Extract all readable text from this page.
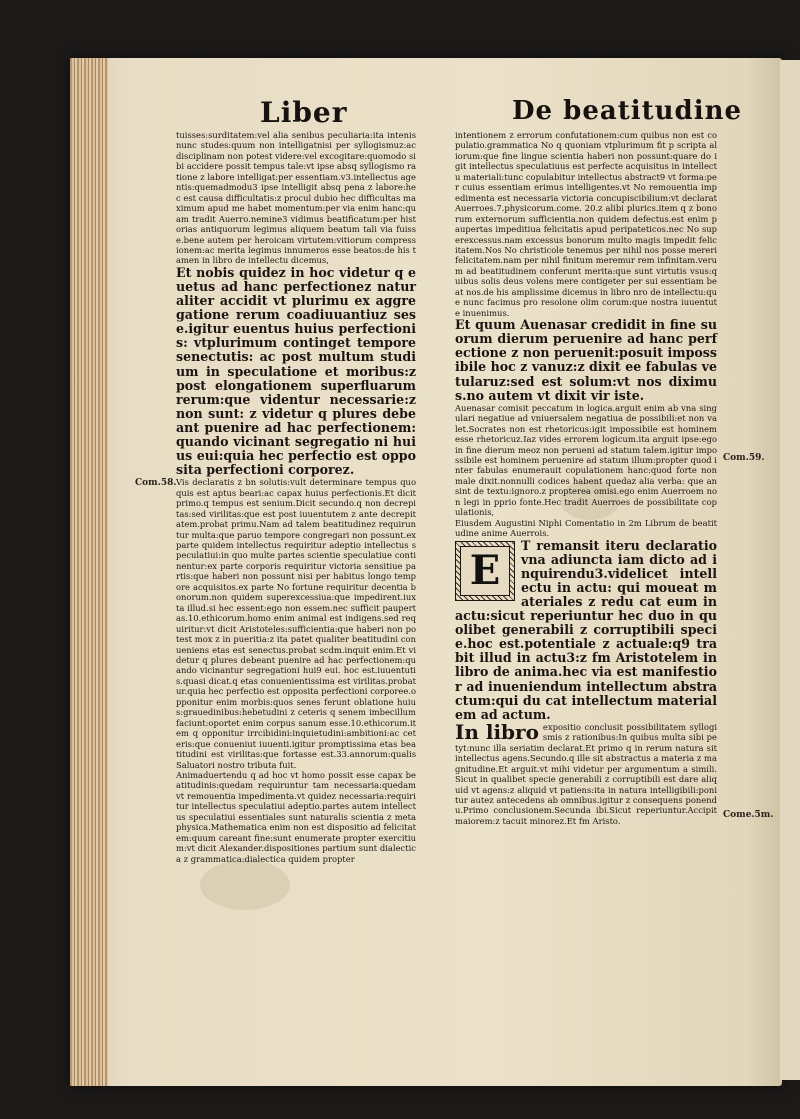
Liber	De beatitudine

tuisses:surditatem:vel alia senibus peculiaria:ita intenis nunc studes:quum non intelligatnisi per syllogismuz:ac disciplinam non potest videre:vel excogitare:quomodo sibi accidere possit tempus tale:vt ipse absq syllogismo ratione z labore intelligat:per essentiam.v3.intellectus agentis:quemadmodu3 ipse intelligit absq pena z labore:hec est causa difficultatis:z procul dubio hec difficultas maximum apud me habet momentum:per via enim hanc:quam tradit Auerro.nemine3 vidimus beatificatum:per historias antiquorum legimus aliquem beatum tali via fuisse.bene autem per heroicam virtutem:vitiorum compressionem:ac merita legimus innumeros esse beatos:de his tamen in libro de intellectu dicemus,

Et nobis quidez in hoc videtur q euetus ad hanc perfectionez naturaliter accidit vt plurimu ex aggregatione rerum coadiuuantiuz sese.igitur euentus huius perfectionis: vtplurimum continget tempore senectutis: ac post multum studium in speculatione et moribus:z post elongationem superfluarum rerum:que videntur necessarie:z non sunt: z videtur q plures debeant puenire ad hac perfectionem:quando vicinant segregatio ni huius eui:quia hec perfectio est opposita perfectioni corporez.

Vis declaratis z bn solutis:vult determinare tempus quo quis est aptus beari:ac capax huius perfectionis.Et dicit primo.q tempus est senium.Dicit secundo.q non decrepitas:sed virilitas:que est post iuuentutem z ante decrepitatem.probat primu.Nam ad talem beatitudinez requiruntur multa:que paruo tempore congregari non possunt.ex parte quidem intellectus requiritur adeptio intellectus speculatiui:in quo multe partes scientie speculatiue continentur:ex parte corporis requiritur victoria sensitiue partis:que haberi non possunt nisi per habitus longo tempore acquisitos.ex parte No fortune requiritur decentia bonorum.non quidem superexcessiua:que impedirent.iuxta illud.si hec essent:ego non essem.nec sufficit paupertas.10.ethicorum.homo enim animal est indigens.sed requiritur:vt dicit Aristoteles:sufficientia:que haberi non potest mox z in pueritia:z ita patet qualiter beatitudini conueniens etas est senectus.probat scdm.inquit enim.Et videtur q plures debeant puenire ad hac perfectionem:quando vicinantur segregationi hui9 eui. hoc est.iuuentutis.quasi dicat.q etas conuenientissima est virilitas.probatur.quia hec perfectio est opposita perfectioni corporee.opponitur enim morbis:quos senes ferunt oblatione huius:grauedinibus:hebetudini z ceteris q senem imbecillum faciunt:oportet enim corpus sanum esse.10.ethicorum.item q opponitur irrcibidini:inquietudini:ambitioni:ac ceteris:que conueniut iuuenti.igitur promptissima etas beatitudini est virilitas:que fortasse est.33.annorum:qualis Saluatori nostro tributa fuit.

Animaduertendu q ad hoc vt homo possit esse capax beatitudinis:quedam requiruntur tam necessaria:quedam vt remouentia impedimenta.vt quidez necessaria:requiritur intellectus speculatiui adeptio.partes autem intellectus speculatiui essentiales sunt naturalis scientia z metaphysica.Mathematica enim non est dispositio ad felicitatem:quum careant fine:sunt enumerate propter exercitium:vt dicit Alexander.dispositiones partium sunt dialectica z grammatica:dialectica quidem propter

Com.58.

intentionem z errorum confutationem:cum quibus non est copulatio.grammatica No q quoniam vtplurimum fit p scripta aliorum:que fine lingue scientia haberi non possunt:quare do igit intellectus speculatiuus est perfecte acquisitus in intellectu materiali:tunc copulabitur intellectus abstract9 vt forma:per cuius essentiam erimus intelligentes.vt No remouentia impedimenta est necessaria victoria concupiscibilium:vt declarat Auerroes.7.physicorum.come. 20.z alibi plurics.item q z bonorum externorum sufficientia.non quidem defectus.est enim paupertas impeditiua felicitatis apud peripateticos.nec No superexcessus.nam excessus bonorum multo magis impedit felicitatem.Nos No christicole tenemus per nihil nos posse mereri felicitatem.nam per nihil finitum meremur rem infinitam.verum ad beatitudinem conferunt merita:que sunt virtutis vsus:quibus solis deus volens mere contigeter per sui essentiam beat nos.de his amplissime dicemus in libro nro de intellectu:que nunc facimus pro resolone olim corum:que nostra iuuentute inuenimus.

Et quum Auenasar credidit in fine suorum dierum peruenire ad hanc perfectione z non peruenit:posuit impossibile hoc z vanuz:z dixit ee fabulas vetularuz:sed est solum:vt nos diximus.no autem vt dixit vir iste.

Auenasar comisit peccatum in logica.arguit enim ab vna singulari negatiue ad vniuersalem negatiua de possibili:et non valet.Socrates non est rhetoricus:igit impossibile est hominem esse rhetoricuz.Iaz vides errorem logicum.ita arguit ipse:ego in fine dierum meoz non perueni ad statum talem.igitur impossibile est hominem peruenire ad statum illum:propter quod inter fabulas enumerauit copulationem hanc:quod forte non male dixit.nonnulli codices habent quedaz alia verba: que an sint de textu:ignoro.z propterea omisi.ego enim Auerroem non legi in pprio fonte.Hec tradit Auerroes de possibilitate copulationis,

Eiusdem Augustini Niphi Comentatio in 2m Librum de beatitudine anime Auerrois.

E

T remansit iteru declaratio vna adiuncta iam dicto ad inquirendu3.videlicet intellectu in actu: qui moueat materiales z redu cat eum in actu:sicut reperiuntur hec duo in quolibet generabili z corruptibili specie.hoc est.potentiale z actuale:q9 trabit illud in actu3:z fm Aristotelem in libro de anima.hec via est manifestior ad inueniendum intellectum abstractum:qui du cat intellectum materialem ad actum.

In libro expositio conclusit possibilitatem syllogismis z rationibus:In quibus multa sibi petyt:nunc illa seriatim declarat.Et primo q in rerum natura sit intellectus agens.Secundo.q ille sit abstractus a materia z magnitudine.Et arguit.vt mihi videtur per argumentum a simili.Sicut in qualibet specie generabili z corruptibili est dare aliquid vt agens:z aliquid vt patiens:ita in natura intelligibili:ponitur autez antecedens ab omnibus.igitur z consequens ponendu.Primo conclusionem.Secunda ibi.Sicut reperiuntur.Accipit maiorem:z tacuit minorez.Et fm Aristo.

Com.59.
Come.5m.
